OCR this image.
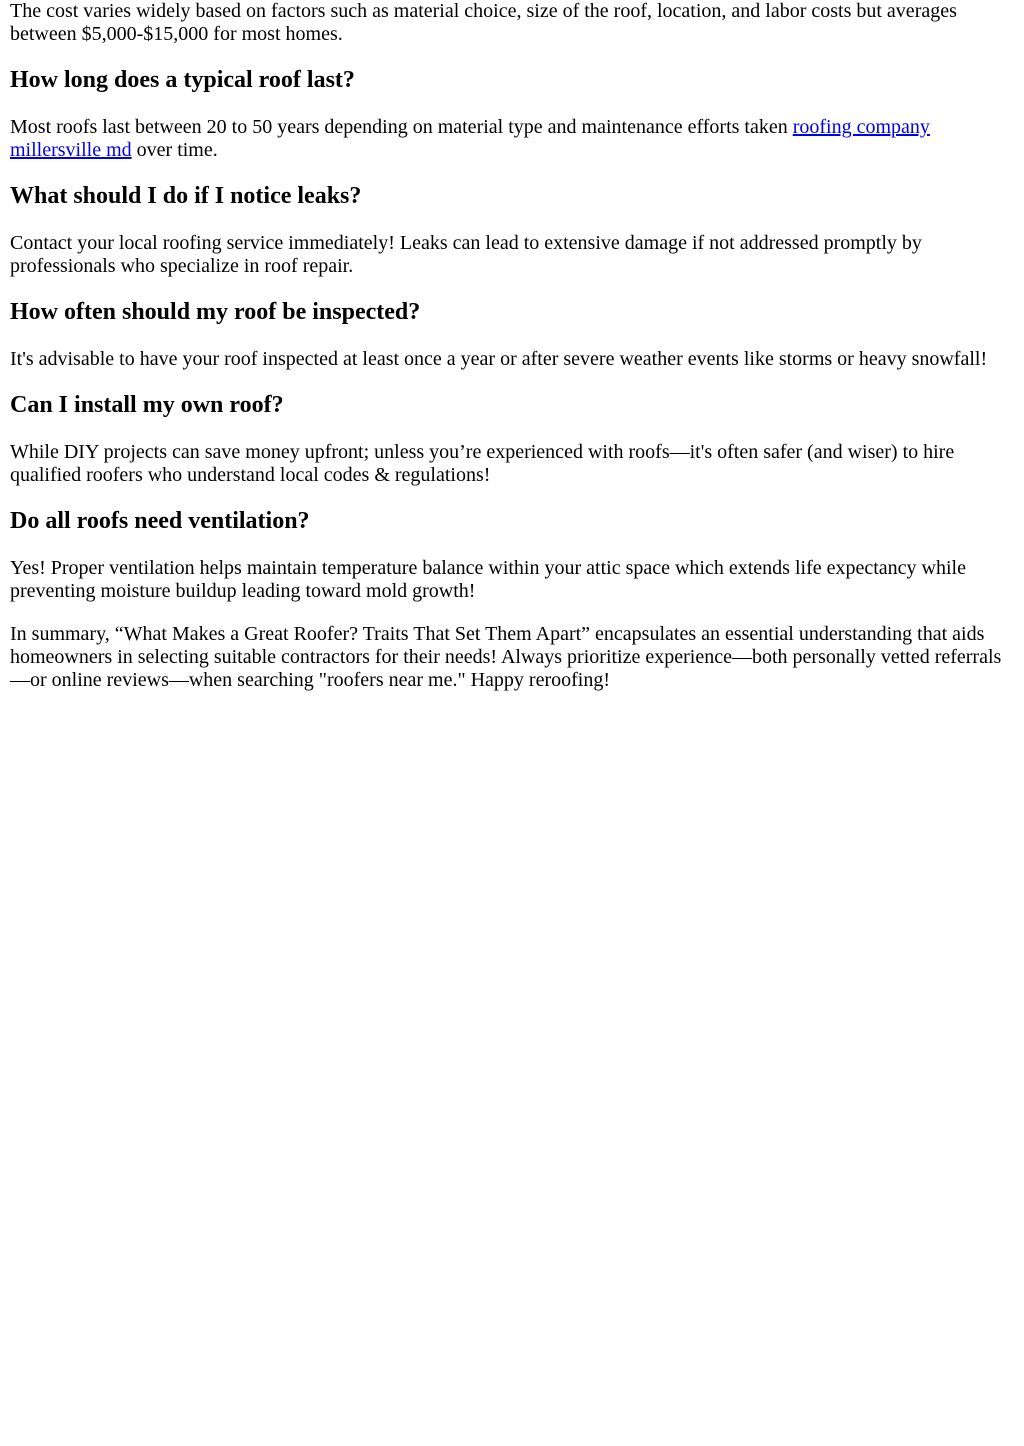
The cost varies widely based on factors such as material choice, size of the roof, location, and labor costs but averages between $5,000-$15,000 for most homes.

How long does a typical roof last?

Most roofs last between 20 to 50 years depending on material type and maintenance efforts taken roofing company millersville md over time.

What should I do if I notice leaks?

Contact your local roofing service immediately! Leaks can lead to extensive damage if not addressed promptly by professionals who specialize in roof repair.

How often should my roof be inspected?

It's advisable to have your roof inspected at least once a year or after severe weather events like storms or heavy snowfall!

Can I install my own roof?

While DIY projects can save money upfront; unless you’re experienced with roofs—it's often safer (and wiser) to hire qualified roofers who understand local codes & regulations!

Do all roofs need ventilation?

Yes! Proper ventilation helps maintain temperature balance within your attic space which extends life expectancy while preventing moisture buildup leading toward mold growth!

In summary, “What Makes a Great Roofer? Traits That Set Them Apart” encapsulates an essential understanding that aids homeowners in selecting suitable contractors for their needs! Always prioritize experience—both personally vetted referrals—or online reviews—when searching "roofers near me." Happy reroofing!
